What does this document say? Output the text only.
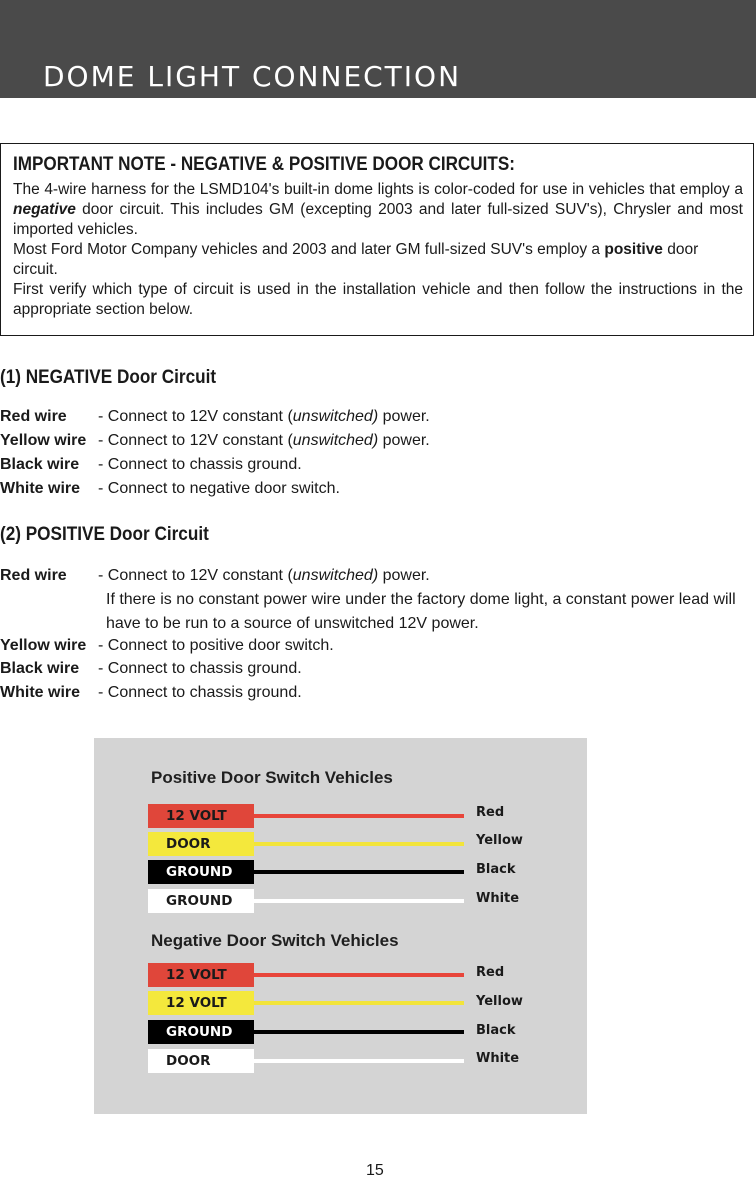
DOME LIGHT CONNECTION
IMPORTANT NOTE - NEGATIVE & POSITIVE DOOR CIRCUITS:

The 4-wire harness for the LSMD104's built-in dome lights is color-coded for use in vehicles that employ a negative door circuit. This includes GM (excepting 2003 and later full-sized SUV's), Chrysler and most imported vehicles.

Most Ford Motor Company vehicles and 2003 and later GM full-sized SUV's employ a positive door circuit.

First verify which type of circuit is used in the installation vehicle and then follow the instructions in the appropriate section below.

(1) NEGATIVE Door Circuit
Red wire - Connect to 12V constant (unswitched) power.
Yellow wire - Connect to 12V constant (unswitched) power.
Black wire - Connect to chassis ground.
White wire - Connect to negative door switch.
(2) POSITIVE Door Circuit
Red wire - Connect to 12V constant (unswitched) power.
If there is no constant power wire under the factory dome light, a constant power lead will
have to be run to a source of unswitched 12V power.
Yellow wire - Connect to positive door switch.
Black wire - Connect to chassis ground.
White wire - Connect to chassis ground.
Positive Door Switch Vehicles
12 VOLT	Red
DOOR	Yellow
GROUND	Black
GROUND	White
Negative Door Switch Vehicles
12 VOLT	Red
12 VOLT	Yellow
GROUND	Black
DOOR	White
15
